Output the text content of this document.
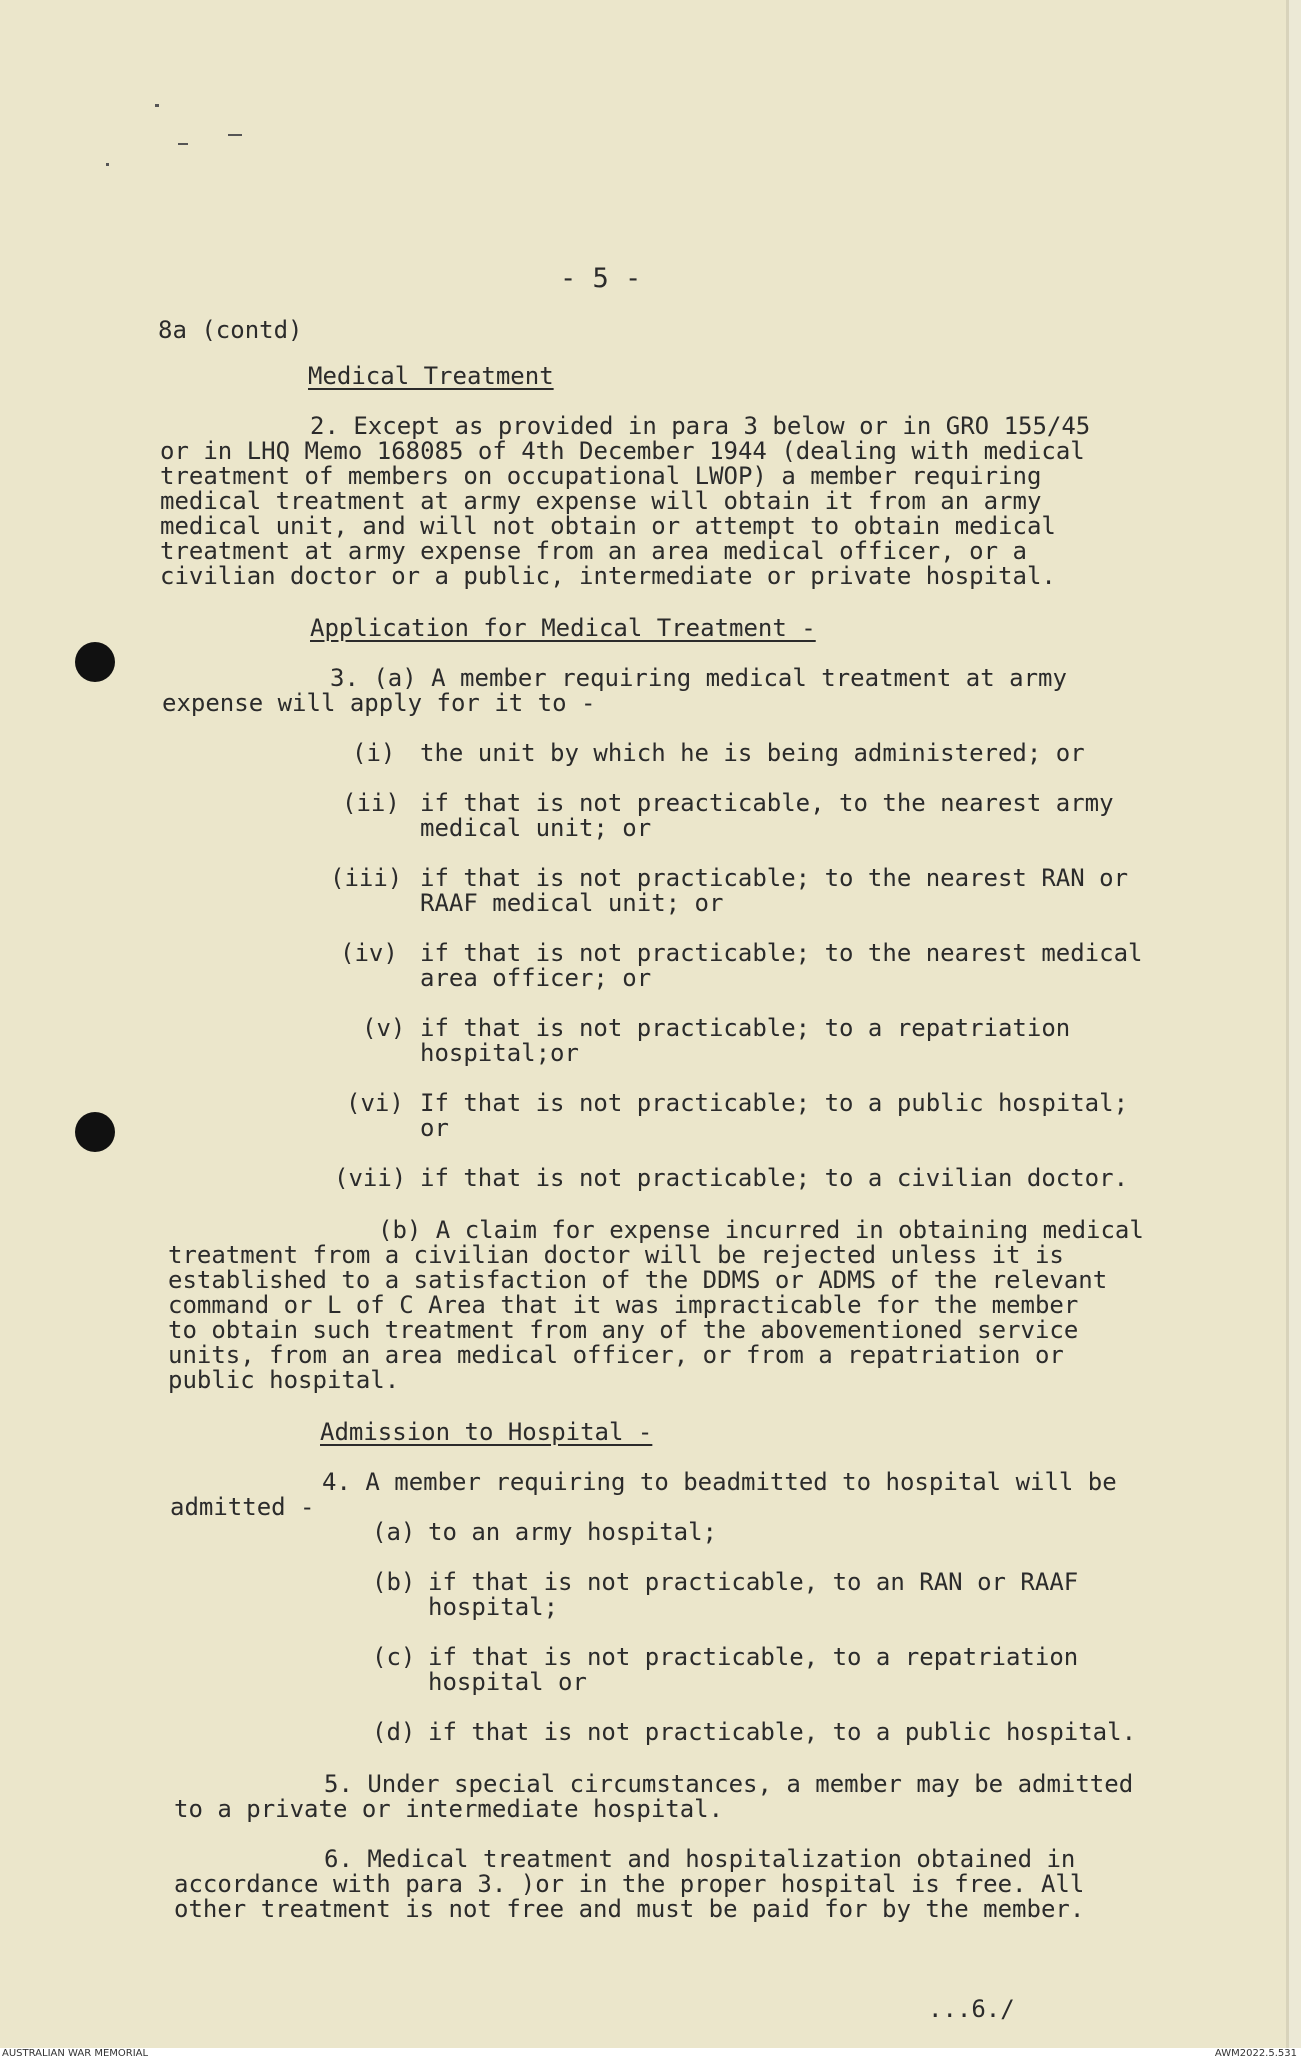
- 5 -
8a (contd)
Medical Treatment
2. Except as provided in para 3 below or in GRO 155/45
or in LHQ Memo 168085 of 4th December 1944 (dealing with medical
treatment of members on occupational LWOP) a member requiring
medical treatment at army expense will obtain it from an army
medical unit, and will not obtain or attempt to obtain medical
treatment at army expense from an area medical officer, or a
civilian doctor or a public, intermediate or private hospital.
Application for Medical Treatment -
3. (a) A member requiring medical treatment at army
expense will apply for it to -
(i) the unit by which he is being administered; or
(ii) if that is not preacticable, to the nearest army
medical unit; or
(iii) if that is not practicable; to the nearest RAN or
RAAF medical unit; or
(iv) if that is not practicable; to the nearest medical
area officer; or
(v) if that is not practicable; to a repatriation
hospital;or
(vi) If that is not practicable; to a public hospital;
or
(vii) if that is not practicable; to a civilian doctor.
(b) A claim for expense incurred in obtaining medical
treatment from a civilian doctor will be rejected unless it is
established to a satisfaction of the DDMS or ADMS of the relevant
command or L of C Area that it was impracticable for the member
to obtain such treatment from any of the abovementioned service
units, from an area medical officer, or from a repatriation or
public hospital.
Admission to Hospital -
4. A member requiring to beadmitted to hospital will be
admitted -
(a) to an army hospital;
(b) if that is not practicable, to an RAN or RAAF
hospital;
(c) if that is not practicable, to a repatriation
hospital or
(d) if that is not practicable, to a public hospital.
5. Under special circumstances, a member may be admitted
to a private or intermediate hospital.
6. Medical treatment and hospitalization obtained in
accordance with para 3. )or in the proper hospital is free. All
other treatment is not free and must be paid for by the member.
...6./
AUSTRALIAN WAR MEMORIAL	AWM2022.5.531
